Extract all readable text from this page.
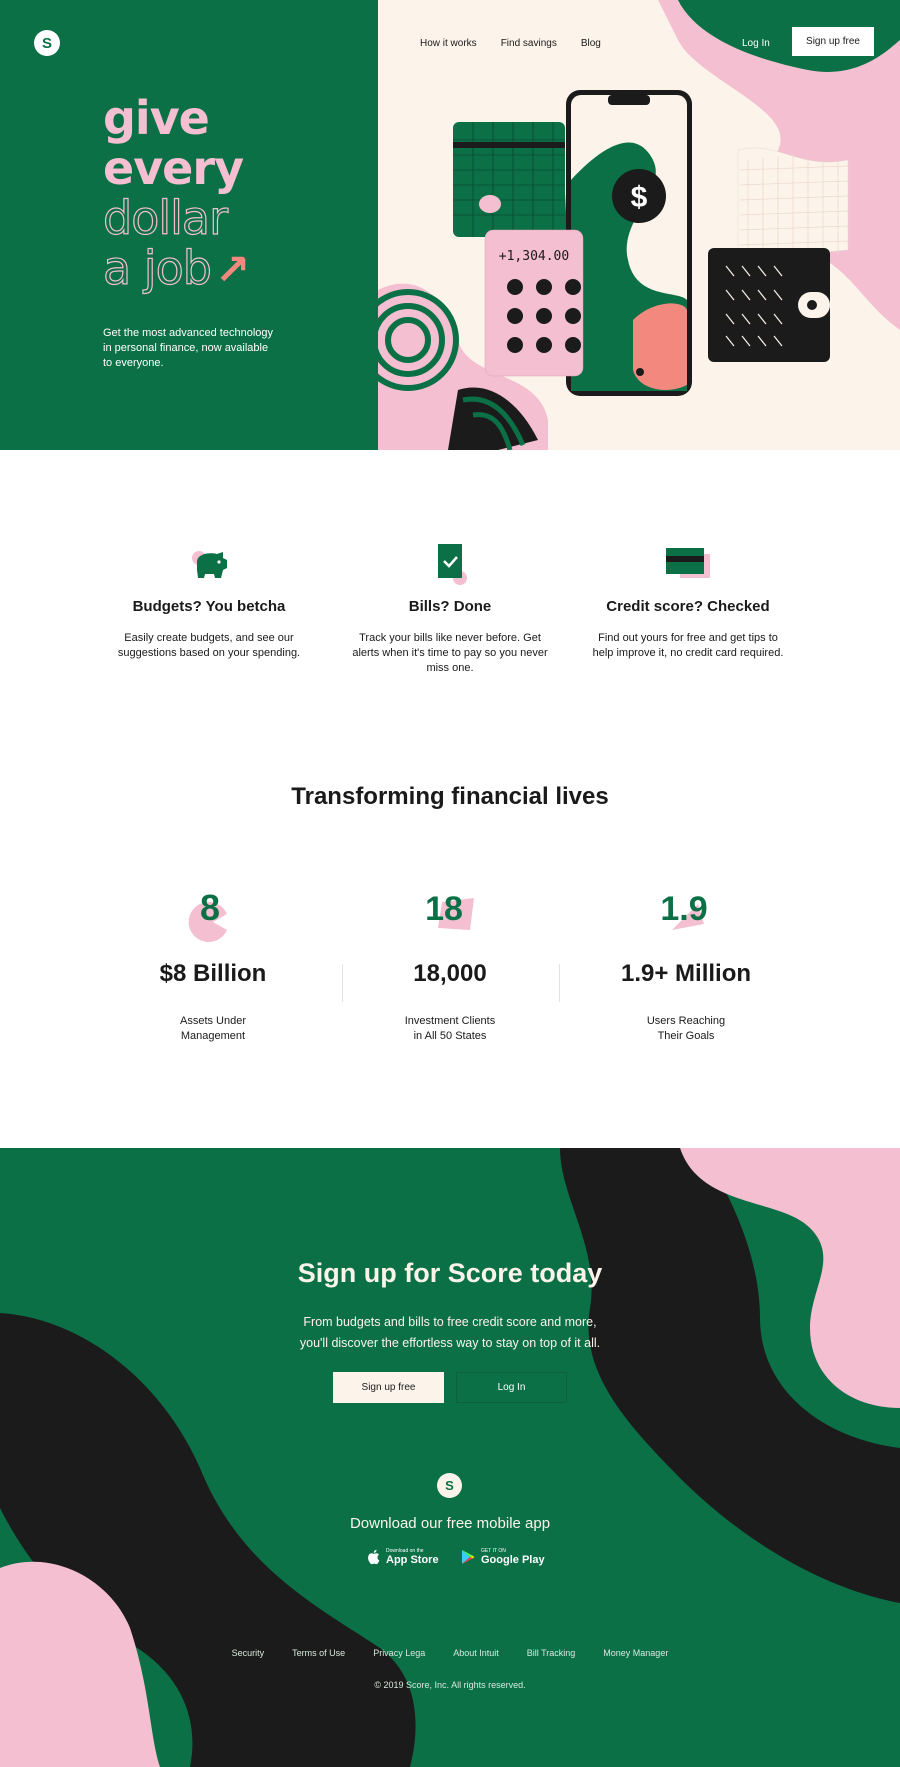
$
+1,304.00
S	How it works Find savings Blog	Log In	Sign up free
give
every
dollar
a job↗

Get the most advanced technology in personal finance, now available to everyone.

Budgets? You betcha

Easily create budgets, and see our suggestions based on your spending.

Bills? Done

Track your bills like never before. Get alerts when it's time to pay so you never miss one.

Credit score? Checked

Find out yours for free and get tips to help improve it, no credit card required.

Transforming financial lives
8
$8 Billion
Assets Under
Management
18
18,000
Investment Clients
in All 50 States
1.9
1.9+ Million
Users Reaching
Their Goals
Sign up for Score today
From budgets and bills to free credit score and more,
you'll discover the effortless way to stay on top of it all.
Sign up free	Log In
S
Download our free mobile app
Download on the
App Store
GET IT ON
Google Play
Security	Terms of Use	Privacy Lega	About Intuit	Bill Tracking	Money Manager
© 2019 Score, Inc. All rights reserved.
